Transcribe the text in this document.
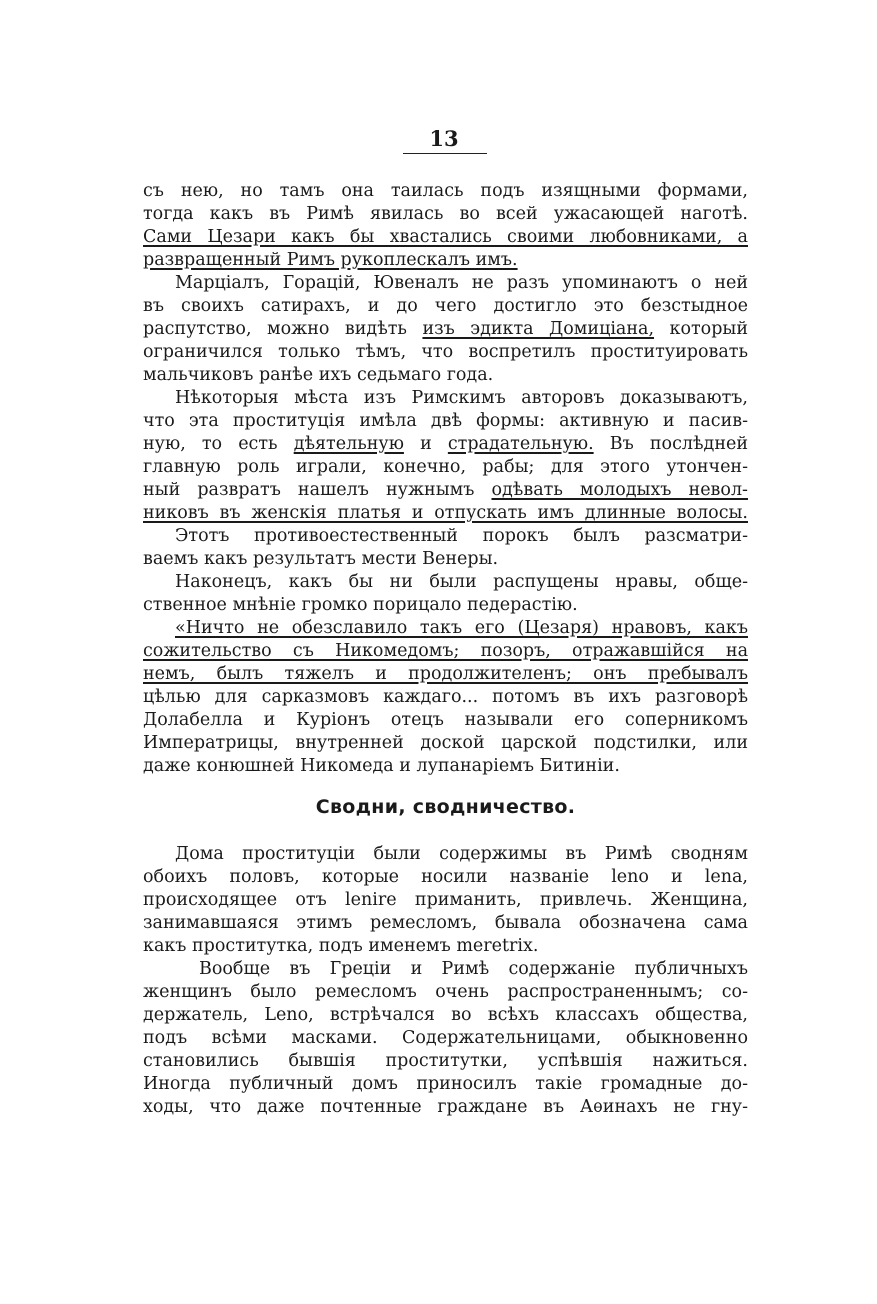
13
съ нею, но тамъ она таилась подъ изящными формами,
тогда какъ въ Римѣ явилась во всей ужасающей наготѣ.
Сами Цезари какъ бы хвастались своими любовниками, а
развращенный Римъ рукоплескалъ имъ.
Марціалъ, Горацій, Ювеналъ не разъ упоминаютъ о ней
въ своихъ сатирахъ, и до чего достигло это безстыдное
распутство, можно видѣть изъ эдикта Домиціана, который
ограничился только тѣмъ, что воспретилъ проституировать
мальчиковъ ранѣе ихъ седьмаго года.
Нѣкоторыя мѣста изъ Римскимъ авторовъ доказываютъ,
что эта проституція имѣла двѣ формы: активную и пасив-
ную, то есть дѣятельную и страдательную. Въ послѣдней
главную роль играли, конечно, рабы; для этого утончен-
ный развратъ нашелъ нужнымъ одѣвать молодыхъ невол-
никовъ въ женскія платья и отпускать имъ длинные волосы.
Этотъ противоестественный порокъ былъ разсматри-
ваемъ какъ результатъ мести Венеры.
Наконецъ, какъ бы ни были распущены нравы, обще-
ственное мнѣніе громко порицало педерастію.
«Ничто не обезславило такъ его (Цезаря) нравовъ, какъ
сожительство съ Никомедомъ; позоръ, отражавшійся на
немъ, былъ тяжелъ и продолжителенъ; онъ пребывалъ
цѣлью для сарказмовъ каждаго... потомъ въ ихъ разговорѣ
Долабелла и Куріонъ отецъ называли его соперникомъ
Императрицы, внутренней доской царской подстилки, или
даже конюшней Никомеда и лупанаріемъ Битиніи.
Сводни, сводничество.
Дома проституціи были содержимы въ Римѣ сводням
обоихъ половъ, которые носили названіе leno и lena,
происходящее отъ lenire приманить, привлечь. Женщина,
занимавшаяся этимъ ремесломъ, бывала обозначена сама
какъ проститутка, подъ именемъ meretrix.
Вообще въ Греціи и Римѣ содержаніе публичныхъ
женщинъ было ремесломъ очень распространеннымъ; со-
держатель, Leno, встрѣчался во всѣхъ классахъ общества,
подъ всѣми масками. Содержательницами, обыкновенно
становились бывшія проститутки, успѣвшія нажиться.
Иногда публичный домъ приносилъ такіе громадные до-
ходы, что даже почтенные граждане въ Аѳинахъ не гну-
